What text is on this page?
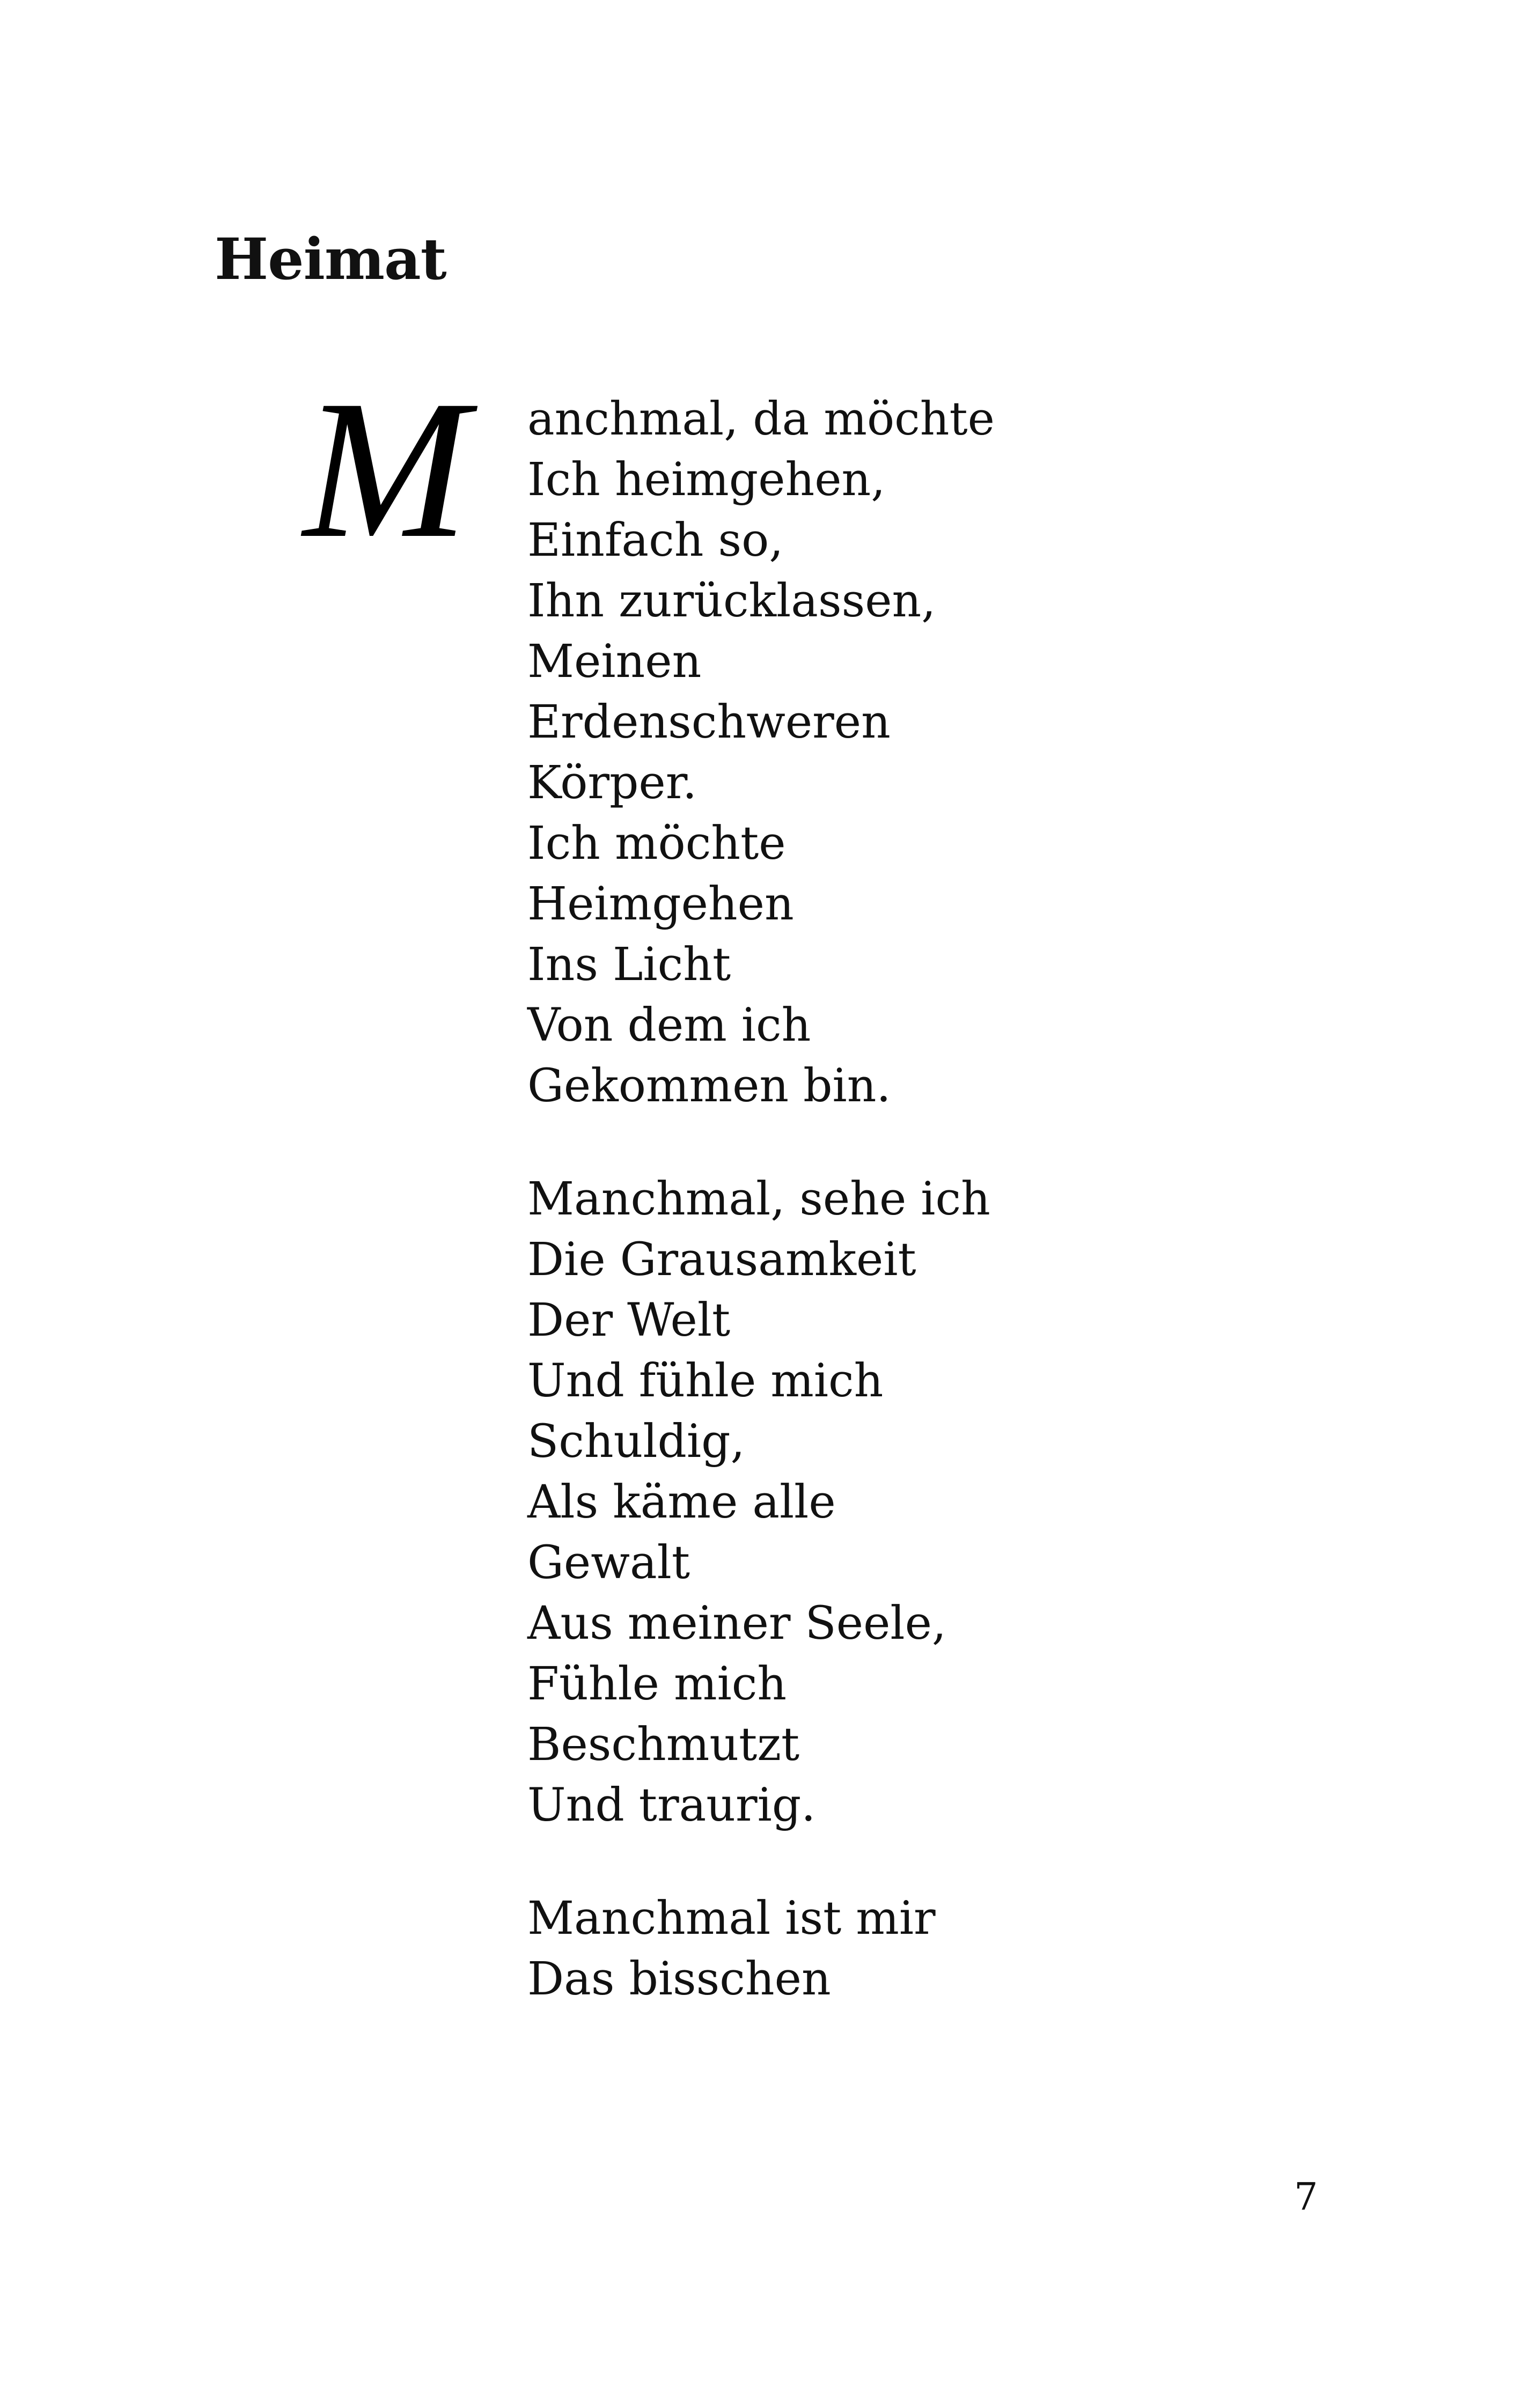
Heimat
M anchmal, da möchte
Ich heimgehen,
Einfach so,
Ihn zurücklassen,
Meinen
Erdenschweren
Körper.
Ich möchte
Heimgehen
Ins Licht
Von dem ich
Gekommen bin.

Manchmal, sehe ich
Die Grausamkeit
Der Welt
Und fühle mich
Schuldig,
Als käme alle
Gewalt
Aus meiner Seele,
Fühle mich
Beschmutzt
Und traurig.

Manchmal ist mir
Das bisschen

7
